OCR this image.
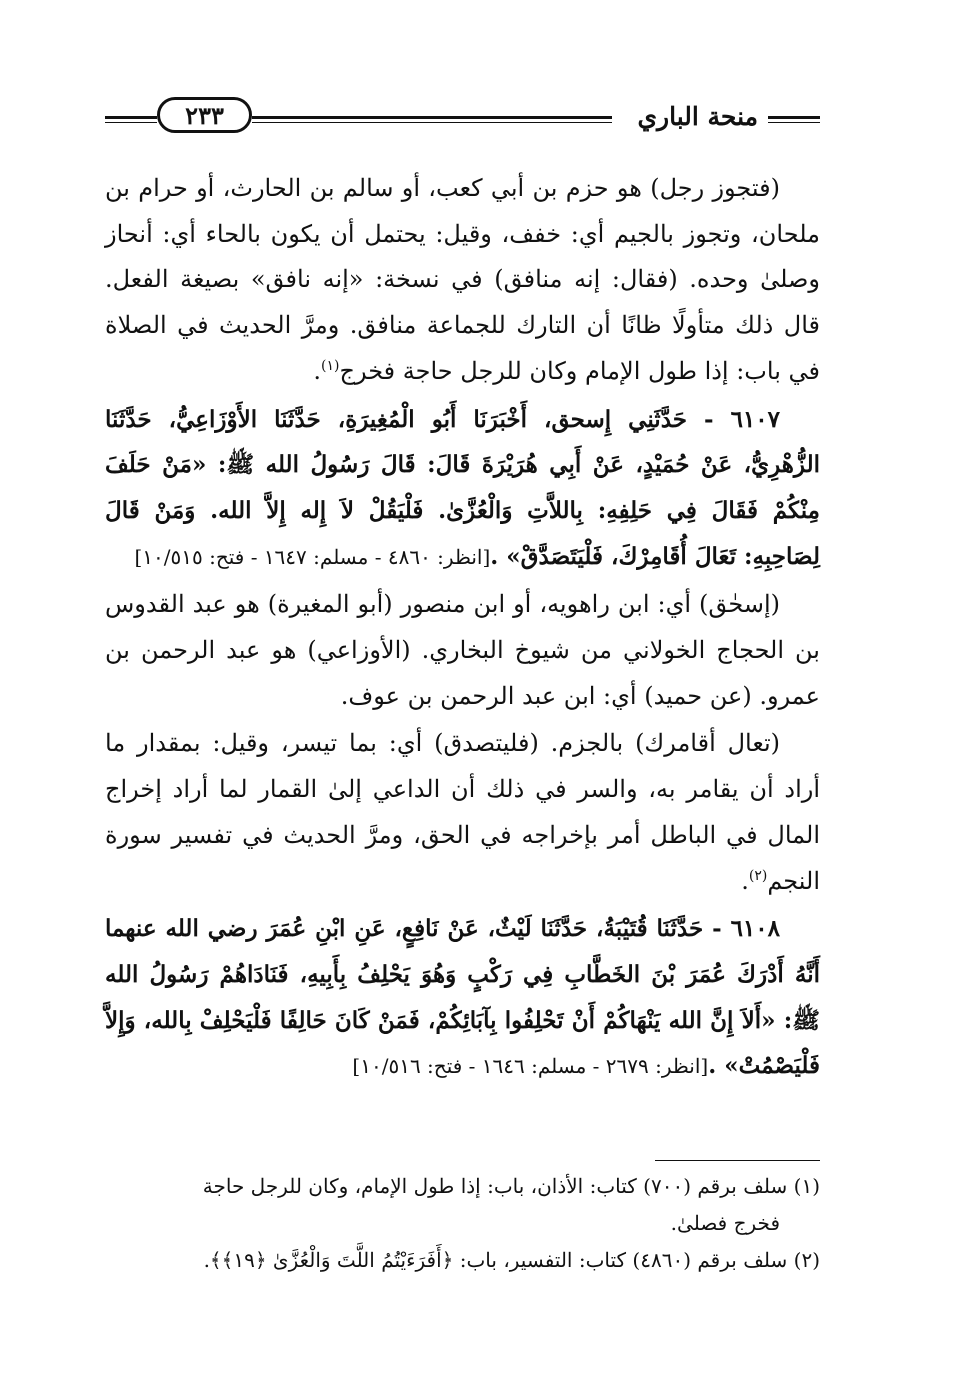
منحة الباري
٢٣٣

(فتجوز رجل) هو حزم بن أبي كعب، أو سالم بن الحارث، أو حرام بن ملحان، وتجوز بالجيم أي: خفف، وقيل: يحتمل أن يكون بالحاء أي: أنحاز وصلىٰ وحده. (فقال: إنه منافق) في نسخة: «إنه نافق» بصيغة الفعل. قال ذلك متأولًا ظانًا أن التارك للجماعة منافق. ومرَّ الحديث في الصلاة في باب: إذا طول الإمام وكان للرجل حاجة فخرج$^{(١)}$.

٦١٠٧ - حَدَّثَنِي إِسحق، أَخْبَرَنَا أَبُو الْمُغِيرَةِ، حَدَّثَنَا الأَوْزَاعِيُّ، حَدَّثَنَا الزُّهْرِيُّ، عَنْ حُمَيْدٍ، عَنْ أَبِي هُرَيْرَةَ قَالَ: قَالَ رَسُولُ الله ﷺ: «مَنْ حَلَفَ مِنْكُمْ فَقَالَ فِي حَلِفِهِ: بِاللاَّتِ وَالْعُزَّىٰ. فَلْيَقُلْ لاَ إِله إِلاَّ الله. وَمَنْ قَالَ لِصَاحِبِهِ: تَعَالَ أُقَامِرْكَ، فَلْيَتَصَدَّقْ» .[انظر: ٤٨٦٠ - مسلم: ١٦٤٧ - فتح: ١٠/٥١٥]

(إسحٰق) أي: ابن راهويه، أو ابن منصور (أبو المغيرة) هو عبد القدوس بن الحجاج الخولاني من شيوخ البخاري. (الأوزاعي) هو عبد الرحمن بن عمرو. (عن حميد) أي: ابن عبد الرحمن بن عوف.

(تعال أقامرك) بالجزم. (فليتصدق) أي: بما تيسر، وقيل: بمقدار ما أراد أن يقامر به، والسر في ذلك أن الداعي إلىٰ القمار لما أراد إخراج المال في الباطل أمر بإخراجه في الحق، ومرَّ الحديث في تفسير سورة النجم$^{(٢)}$.

٦١٠٨ - حَدَّثَنَا قُتَيْبَةُ، حَدَّثَنَا لَيْثٌ، عَنْ نَافِعٍ، عَنِ ابْنِ عُمَرَ رضي الله عنهما أَنَّهُ أَدْرَكَ عُمَرَ بْنَ الخَطَّابِ فِي رَكْبٍ وَهُوَ يَحْلِفُ بِأَبِيهِ، فَنَادَاهُمْ رَسُولُ الله ﷺ: «أَلاَ إِنَّ الله يَنْهَاكُمْ أَنْ تَحْلِفُوا بِآبَائِكُمْ، فَمَنْ كَانَ حَالِفًا فَلْيَحْلِفْ بِالله، وَإِلاَّ فَلْيَصْمُتْ» .[انظر: ٢٦٧٩ - مسلم: ١٦٤٦ - فتح: ١٠/٥١٦]

(١) سلف برقم (٧٠٠) كتاب: الأذان، باب: إذا طول الإمام، وكان للرجل حاجة

فخرج فصلىٰ.

(٢) سلف برقم (٤٨٦٠) كتاب: التفسير، باب: ﴿أَفَرَءَيْتُمُ اللَّتَ وَالْعُزَّىٰ ﴿١٩﴾﴾.
